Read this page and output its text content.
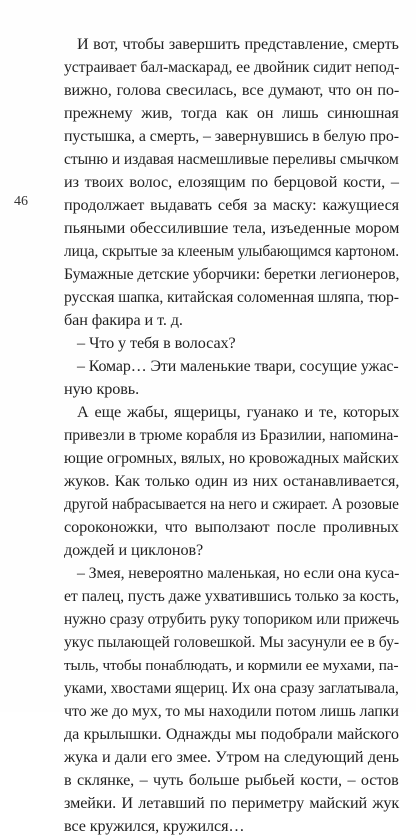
46
И вот, чтобы завершить представление, смерть
устраивает бал-маскарад, ее двойник сидит непод-
вижно, голова свесилась, все думают, что он по-
прежнему жив, тогда как он лишь синюшная
пустышка, а смерть, – завернувшись в белую про-
стыню и издавая насмешливые переливы смычком
из твоих волос, елозящим по берцовой кости, –
продолжает выдавать себя за маску: кажущиеся
пьяными обессилившие тела, изъеденные мором
лица, скрытые за клееным улыбающимся картоном.
Бумажные детские уборчики: беретки легионеров,
русская шапка, китайская соломенная шляпа, тюр-
бан факира и т. д.
– Что у тебя в волосах?
– Комар… Эти маленькие твари, сосущие ужас-
ную кровь.
А еще жабы, ящерицы, гуанако и те, которых
привезли в трюме корабля из Бразилии, напомина-
ющие огромных, вялых, но кровожадных майских
жуков. Как только один из них останавливается,
другой набрасывается на него и сжирает. А розовые
сороконожки, что выползают после проливных
дождей и циклонов?
– Змея, невероятно маленькая, но если она куса-
ет палец, пусть даже ухватившись только за кость,
нужно сразу отрубить руку топориком или прижечь
укус пылающей головешкой. Мы засунули ее в бу-
тыль, чтобы понаблюдать, и кормили ее мухами, па-
уками, хвостами ящериц. Их она сразу заглатывала,
что же до мух, то мы находили потом лишь лапки
да крылышки. Однажды мы подобрали майского
жука и дали его змее. Утром на следующий день
в склянке, – чуть больше рыбьей кости, – остов
змейки. И летавший по периметру майский жук
все кружился, кружился…
